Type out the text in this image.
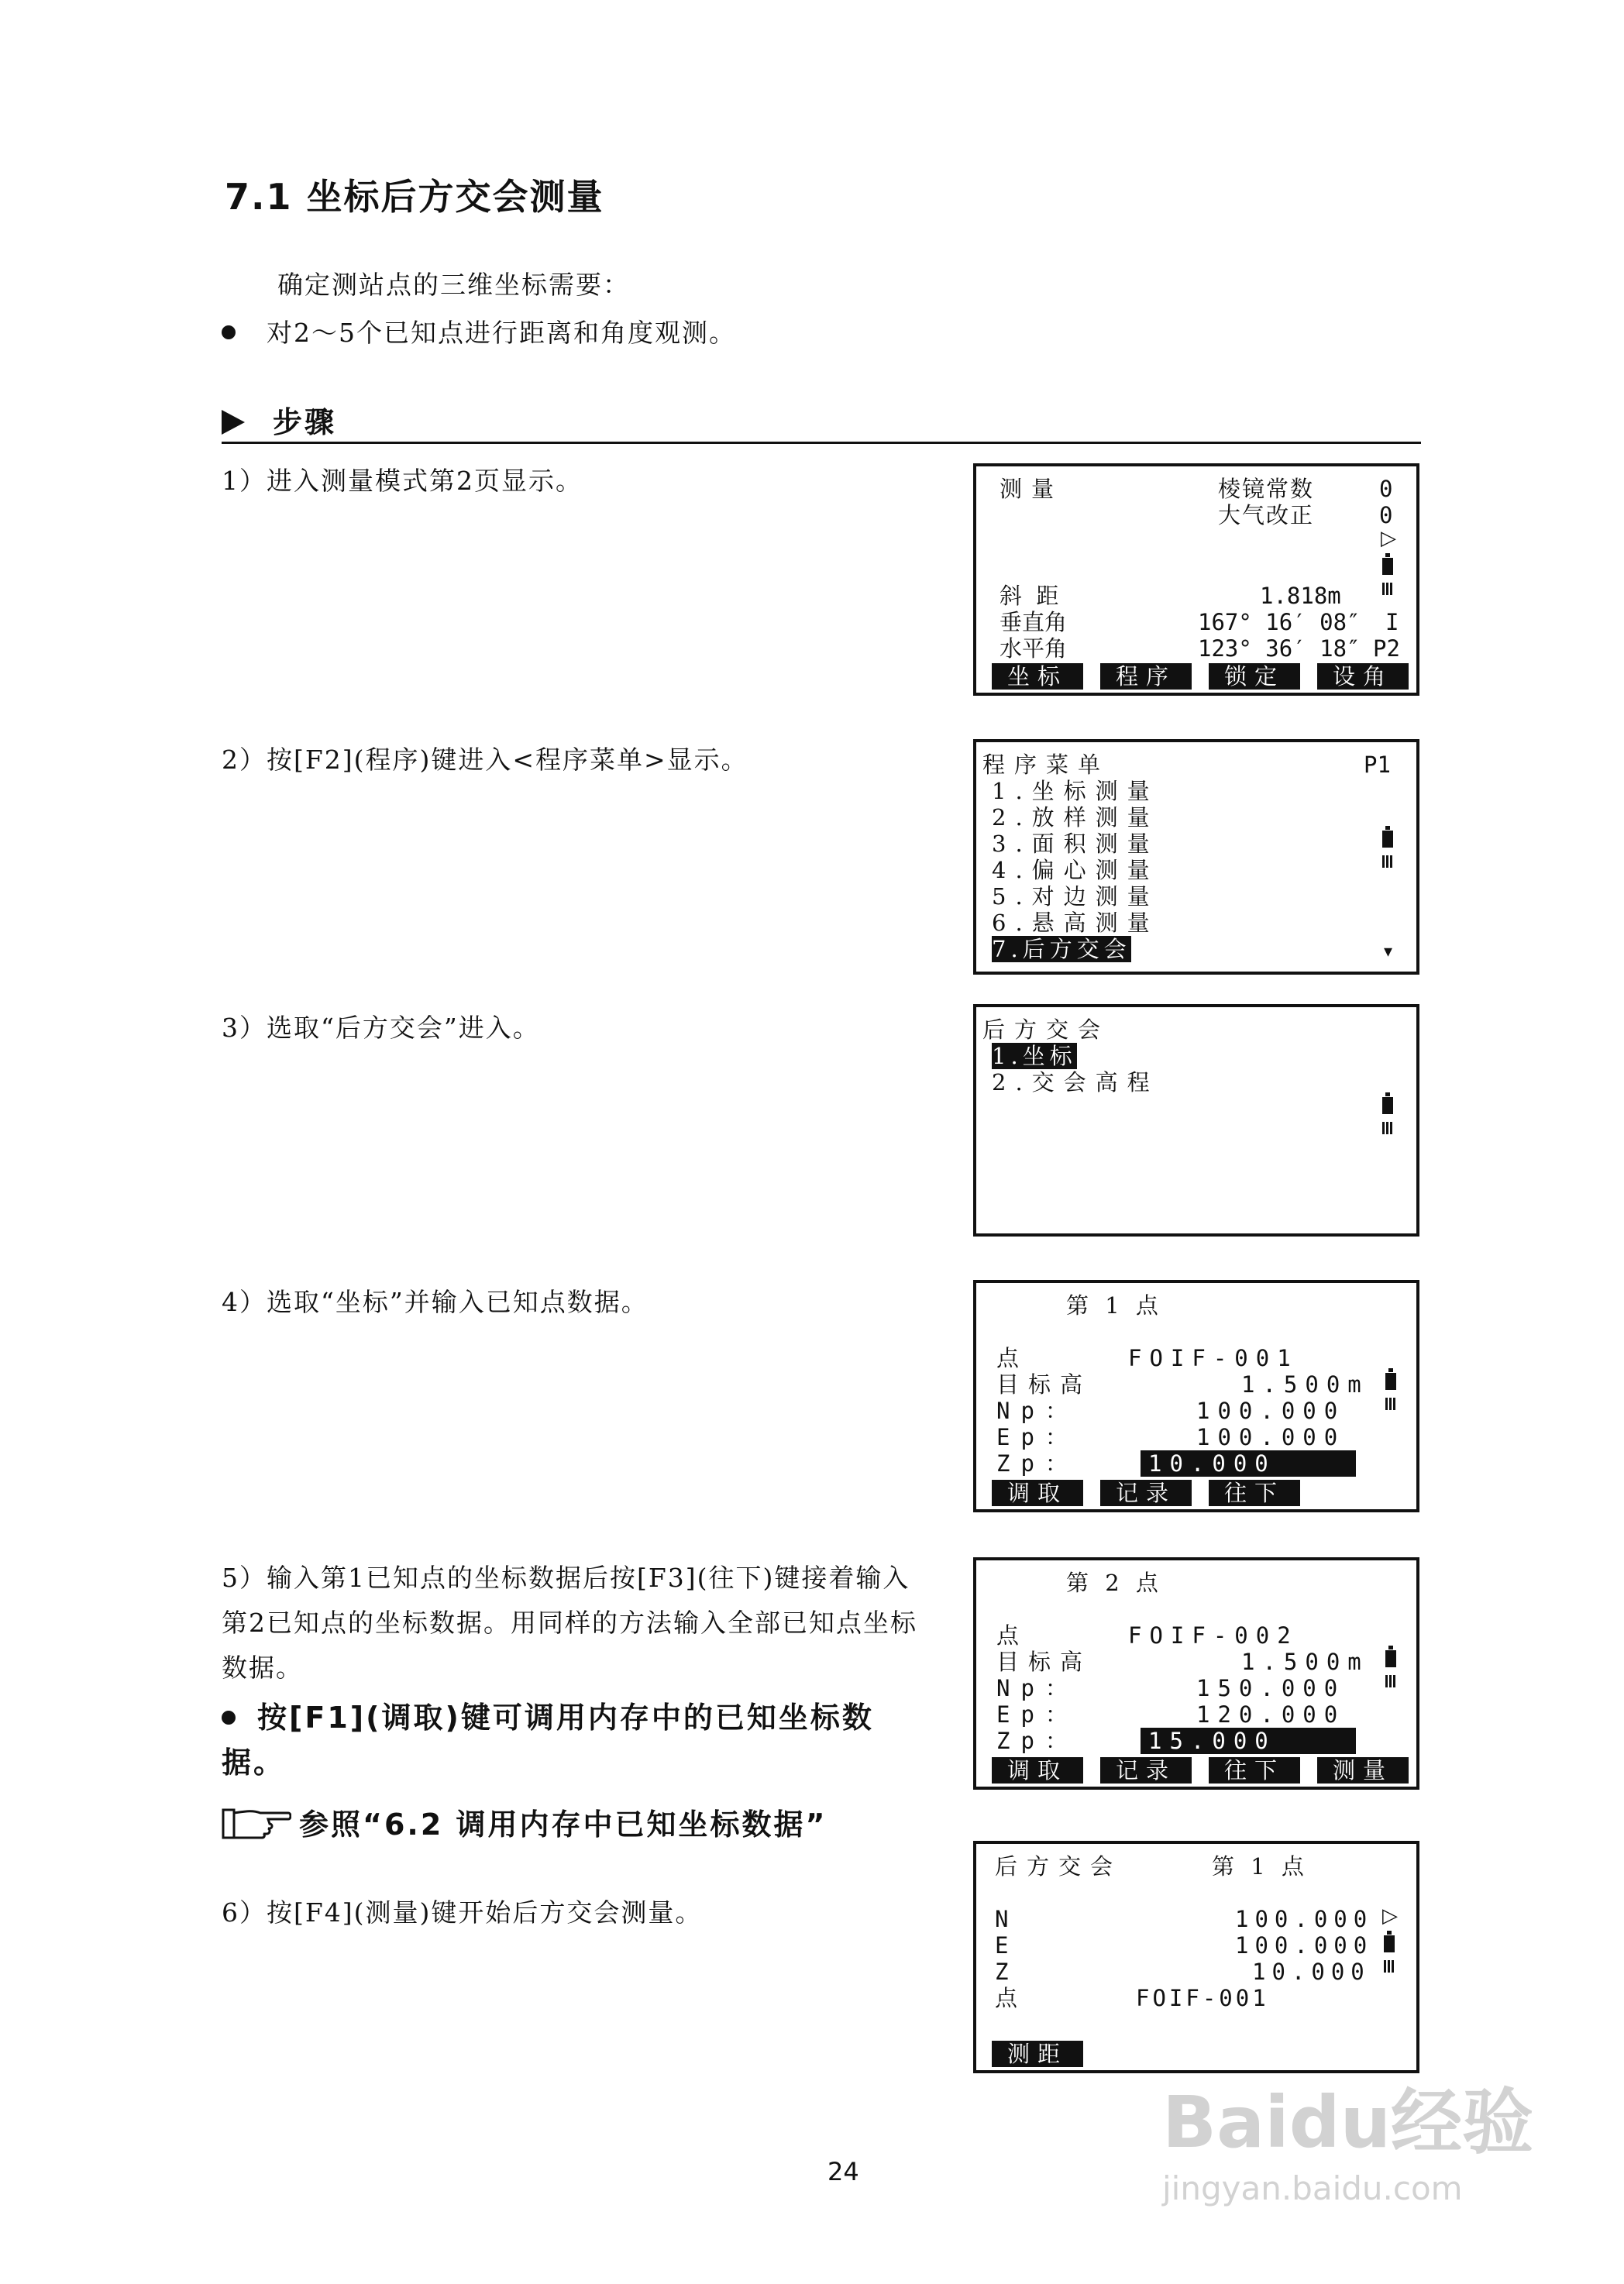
7.1 坐标后方交会测量
确定测站点的三维坐标需要：
对2～5个已知点进行距离和角度观测。
步骤
1）进入测量模式第2页显示。
2）按[F2](程序)键进入<程序菜单>显示。
3）选取“后方交会”进入。
4）选取“坐标”并输入已知点数据。
5）输入第1已知点的坐标数据后按[F3](往下)键接着输入第2已知点的坐标数据。用同样的方法输入全部已知点坐标数据。
按[F1](调取)键可调用内存中的已知坐标数据。
参照“6.2 调用内存中已知坐标数据”
6）按[F4](测量)键开始后方交会测量。
测量	棱镜常数	0
大气改正	0
▷
斜  距	1.818m
垂直角	167° 16′ 08″ I
水平角	123° 36′ 18″ P2
坐标	程序	锁定	设角
程序菜单	P1
1.坐标测量
2.放样测量
3.面积测量
4.偏心测量
5.对边测量
6.悬高测量
7.后方交会	▾
后方交会
1.坐标
2.交会高程
第 1 点
点	FOIF-001
目标高	1.500m
Np：	100.000
Ep：	100.000
Zp：	10.000
调取	记录	往下
第 2 点
点	FOIF-002
目标高	1.500m
Np：	150.000
Ep：	120.000
Zp：	15.000
调取	记录	往下	测量
后方交会	第 1 点
N	100.000
E	100.000
Z	10.000
点	FOIF-001
▷
测距
24
Baidu经验
jingyan.baidu.com
